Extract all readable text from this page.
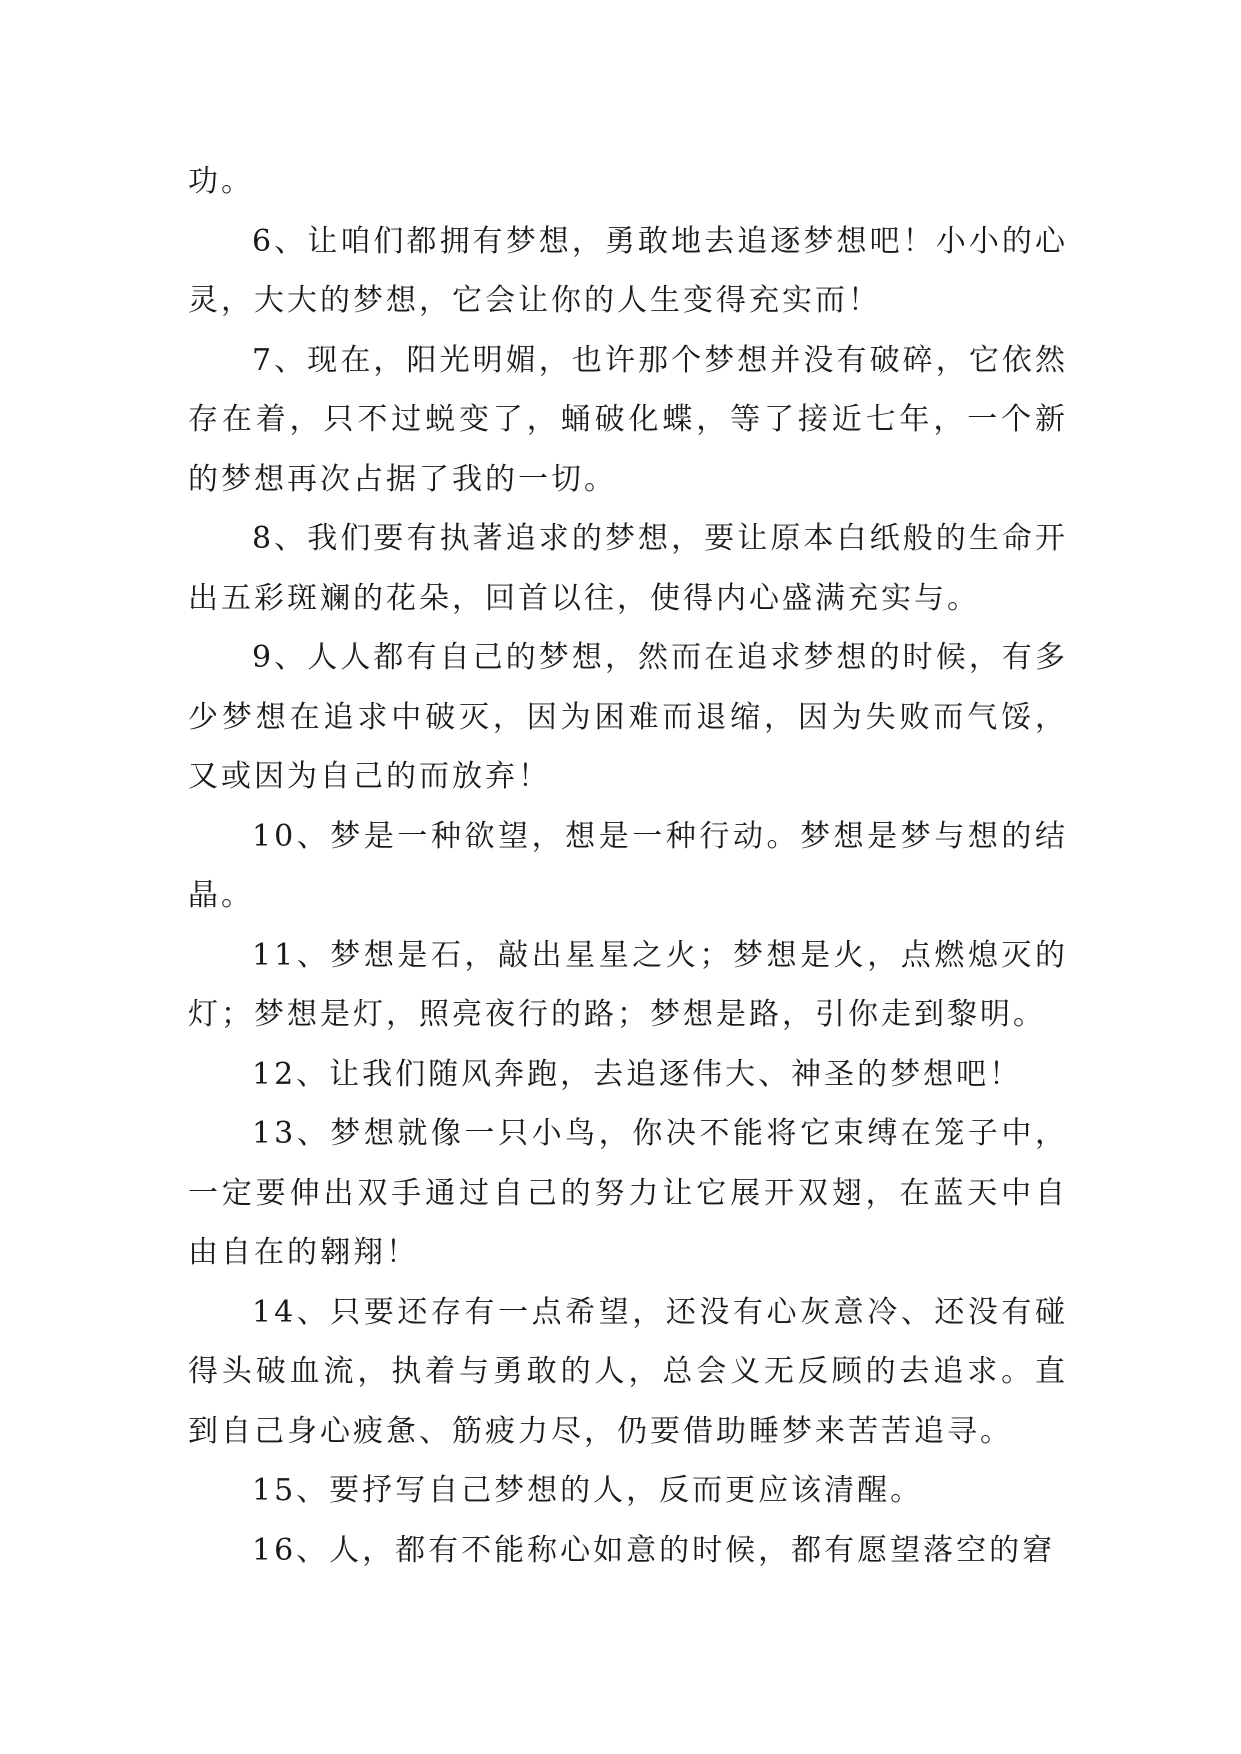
功。

6、让咱们都拥有梦想，勇敢地去追逐梦想吧！小小的心灵，大大的梦想，它会让你的人生变得充实而！

7、现在，阳光明媚，也许那个梦想并没有破碎，它依然存在着，只不过蜕变了，蛹破化蝶，等了接近七年，一个新的梦想再次占据了我的一切。

8、我们要有执著追求的梦想，要让原本白纸般的生命开出五彩斑斓的花朵，回首以往，使得内心盛满充实与。

9、人人都有自己的梦想，然而在追求梦想的时候，有多少梦想在追求中破灭，因为困难而退缩，因为失败而气馁，又或因为自己的而放弃！

10、梦是一种欲望，想是一种行动。梦想是梦与想的结晶。

11、梦想是石，敲出星星之火；梦想是火，点燃熄灭的灯；梦想是灯，照亮夜行的路；梦想是路，引你走到黎明。

12、让我们随风奔跑，去追逐伟大、神圣的梦想吧！

13、梦想就像一只小鸟，你决不能将它束缚在笼子中，一定要伸出双手通过自己的努力让它展开双翅，在蓝天中自由自在的翱翔！

14、只要还存有一点希望，还没有心灰意冷、还没有碰得头破血流，执着与勇敢的人，总会义无反顾的去追求。直到自己身心疲惫、筋疲力尽，仍要借助睡梦来苦苦追寻。

15、要抒写自己梦想的人，反而更应该清醒。

16、人，都有不能称心如意的时候，都有愿望落空的窘
